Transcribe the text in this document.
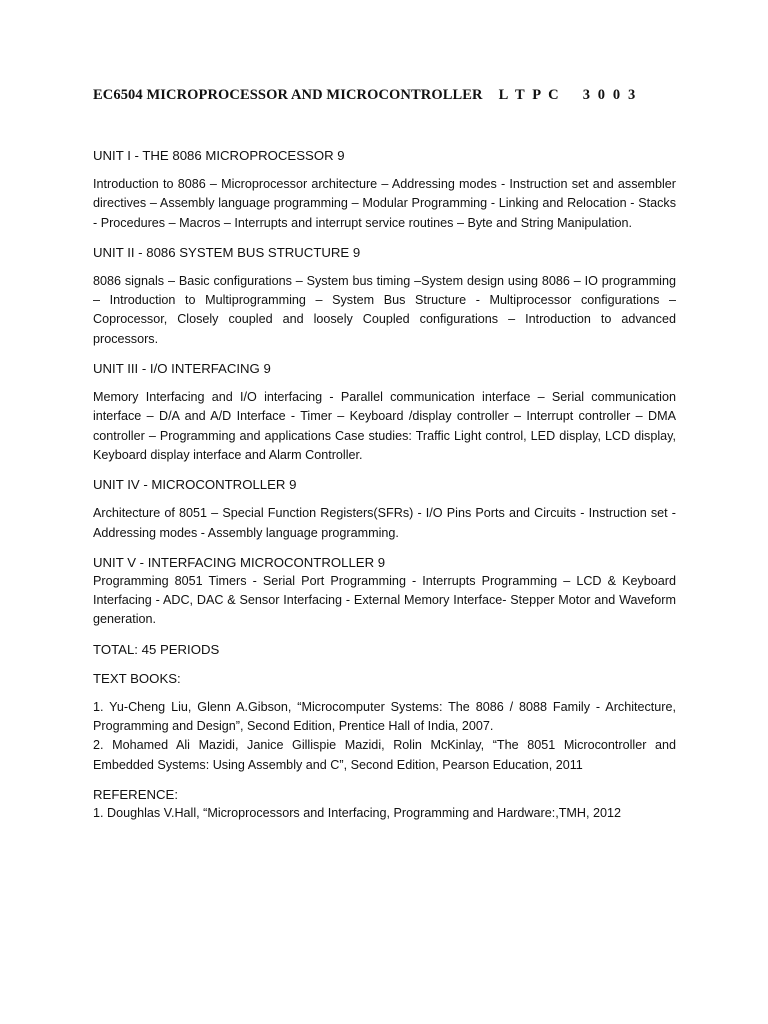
EC6504 MICROPROCESSOR AND MICROCONTROLLER L T P C 3 0 0 3

UNIT I - THE 8086 MICROPROCESSOR 9

Introduction to 8086 – Microprocessor architecture – Addressing modes - Instruction set and assembler directives – Assembly language programming – Modular Programming - Linking and Relocation - Stacks - Procedures – Macros – Interrupts and interrupt service routines – Byte and String Manipulation.

UNIT II - 8086 SYSTEM BUS STRUCTURE 9

8086 signals – Basic configurations – System bus timing –System design using 8086 – IO programming – Introduction to Multiprogramming – System Bus Structure - Multiprocessor configurations – Coprocessor, Closely coupled and loosely Coupled configurations – Introduction to advanced processors.

UNIT III - I/O INTERFACING 9

Memory Interfacing and I/O interfacing - Parallel communication interface – Serial communication interface – D/A and A/D Interface - Timer – Keyboard /display controller – Interrupt controller – DMA controller – Programming and applications Case studies: Traffic Light control, LED display, LCD display, Keyboard display interface and Alarm Controller.

UNIT IV - MICROCONTROLLER 9

Architecture of 8051 – Special Function Registers(SFRs) - I/O Pins Ports and Circuits - Instruction set - Addressing modes - Assembly language programming.

UNIT V - INTERFACING MICROCONTROLLER 9

Programming 8051 Timers - Serial Port Programming - Interrupts Programming – LCD & Keyboard Interfacing - ADC, DAC & Sensor Interfacing - External Memory Interface- Stepper Motor and Waveform generation.

TOTAL: 45 PERIODS

TEXT BOOKS:

1. Yu-Cheng Liu, Glenn A.Gibson, “Microcomputer Systems: The 8086 / 8088 Family - Architecture, Programming and Design”, Second Edition, Prentice Hall of India, 2007.

2. Mohamed Ali Mazidi, Janice Gillispie Mazidi, Rolin McKinlay, “The 8051 Microcontroller and Embedded Systems: Using Assembly and C”, Second Edition, Pearson Education, 2011

REFERENCE:

1. Doughlas V.Hall, “Microprocessors and Interfacing, Programming and Hardware:,TMH, 2012
